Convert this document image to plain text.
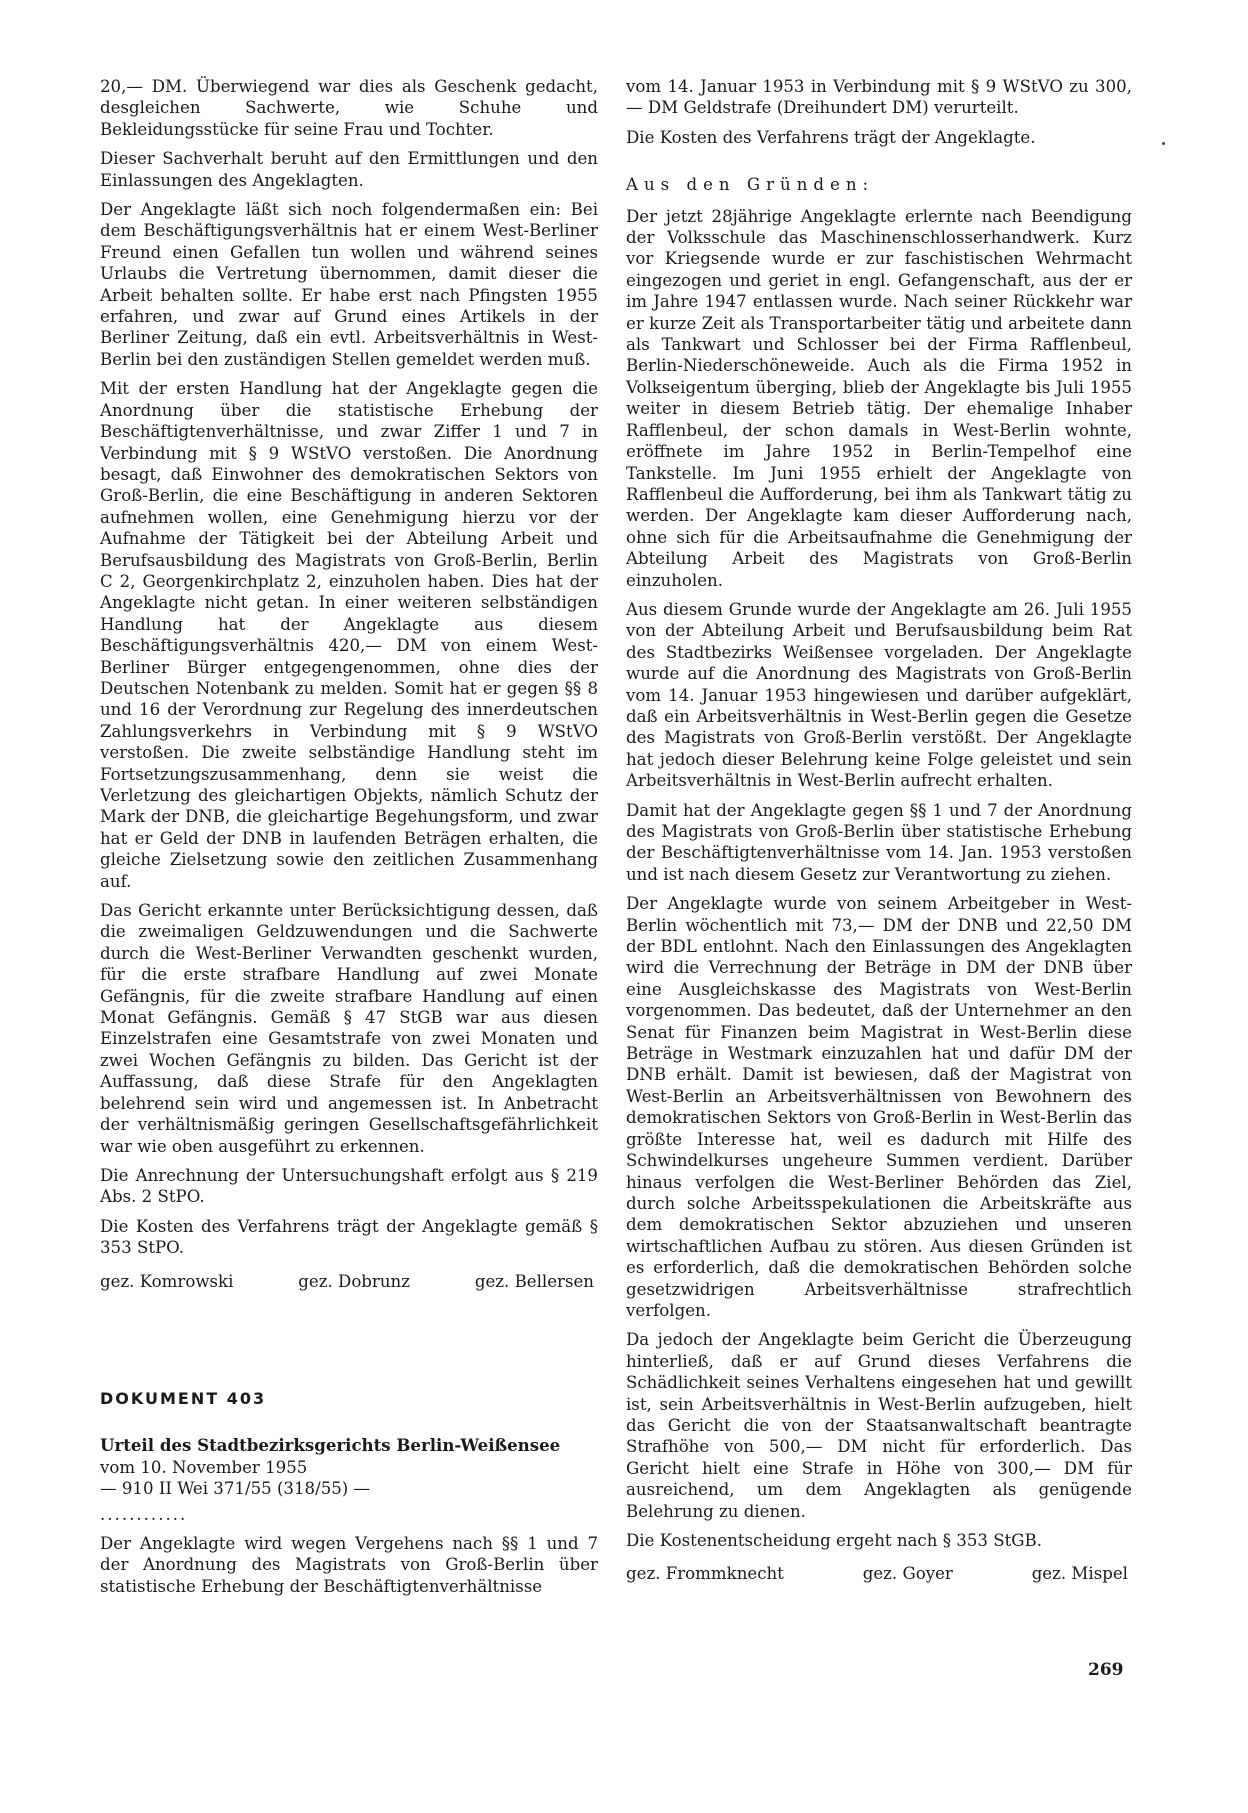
20,— DM. Überwiegend war dies als Geschenk gedacht, desgleichen Sachwerte, wie Schuhe und Bekleidungsstücke für seine Frau und Tochter.

Dieser Sachverhalt beruht auf den Ermittlungen und den Einlassungen des Angeklagten.

Der Angeklagte läßt sich noch folgendermaßen ein: Bei dem Beschäftigungsverhältnis hat er einem West-Berliner Freund einen Gefallen tun wollen und während seines Urlaubs die Vertretung übernommen, damit dieser die Arbeit behalten sollte. Er habe erst nach Pfingsten 1955 erfahren, und zwar auf Grund eines Artikels in der Berliner Zeitung, daß ein evtl. Arbeitsverhältnis in West-Berlin bei den zuständigen Stellen gemeldet werden muß.

Mit der ersten Handlung hat der Angeklagte gegen die Anordnung über die statistische Erhebung der Beschäftigtenverhältnisse, und zwar Ziffer 1 und 7 in Verbindung mit § 9 WStVO verstoßen. Die Anordnung besagt, daß Einwohner des demokratischen Sektors von Groß-Berlin, die eine Beschäftigung in anderen Sektoren aufnehmen wollen, eine Genehmigung hierzu vor der Aufnahme der Tätigkeit bei der Abteilung Arbeit und Berufsausbildung des Magistrats von Groß-Berlin, Berlin C 2, Georgenkirchplatz 2, einzuholen haben. Dies hat der Angeklagte nicht getan. In einer weiteren selbständigen Handlung hat der Angeklagte aus diesem Beschäftigungsverhältnis 420,— DM von einem West-Berliner Bürger entgegengenommen, ohne dies der Deutschen Notenbank zu melden. Somit hat er gegen §§ 8 und 16 der Verordnung zur Regelung des innerdeutschen Zahlungsverkehrs in Verbindung mit § 9 WStVO verstoßen. Die zweite selbständige Handlung steht im Fortsetzungszusammenhang, denn sie weist die Verletzung des gleichartigen Objekts, nämlich Schutz der Mark der DNB, die gleichartige Begehungsform, und zwar hat er Geld der DNB in laufenden Beträgen erhalten, die gleiche Zielsetzung sowie den zeitlichen Zusammenhang auf.

Das Gericht erkannte unter Berücksichtigung dessen, daß die zweimaligen Geldzuwendungen und die Sachwerte durch die West-Berliner Verwandten geschenkt wurden, für die erste strafbare Handlung auf zwei Monate Gefängnis, für die zweite strafbare Handlung auf einen Monat Gefängnis. Gemäß § 47 StGB war aus diesen Einzelstrafen eine Gesamtstrafe von zwei Monaten und zwei Wochen Gefängnis zu bilden. Das Gericht ist der Auffassung, daß diese Strafe für den Angeklagten belehrend sein wird und angemessen ist. In Anbetracht der verhältnismäßig geringen Gesellschaftsgefährlichkeit war wie oben ausgeführt zu erkennen.

Die Anrechnung der Untersuchungshaft erfolgt aus § 219 Abs. 2 StPO.

Die Kosten des Verfahrens trägt der Angeklagte gemäß § 353 StPO.

gez. Komrowski	gez. Dobrunz	gez. Bellersen

DOKUMENT 403

Urteil des Stadtbezirksgerichts Berlin-Weißensee

vom 10. November 1955

— 910 II Wei 371/55 (318/55) —

............

Der Angeklagte wird wegen Vergehens nach §§ 1 und 7 der Anordnung des Magistrats von Groß-Berlin über statistische Erhebung der Beschäftigtenverhältnisse

vom 14. Januar 1953 in Verbindung mit § 9 WStVO zu 300,— DM Geldstrafe (Dreihundert DM) verurteilt.

Die Kosten des Verfahrens trägt der Angeklagte.

Aus den Gründen:

Der jetzt 28jährige Angeklagte erlernte nach Beendigung der Volksschule das Maschinenschlosserhandwerk. Kurz vor Kriegsende wurde er zur faschistischen Wehrmacht eingezogen und geriet in engl. Gefangenschaft, aus der er im Jahre 1947 entlassen wurde. Nach seiner Rückkehr war er kurze Zeit als Transportarbeiter tätig und arbeitete dann als Tankwart und Schlosser bei der Firma Rafflenbeul, Berlin-Niederschöneweide. Auch als die Firma 1952 in Volkseigentum überging, blieb der Angeklagte bis Juli 1955 weiter in diesem Betrieb tätig. Der ehemalige Inhaber Rafflenbeul, der schon damals in West-Berlin wohnte, eröffnete im Jahre 1952 in Berlin-Tempelhof eine Tankstelle. Im Juni 1955 erhielt der Angeklagte von Rafflenbeul die Aufforderung, bei ihm als Tankwart tätig zu werden. Der Angeklagte kam dieser Aufforderung nach, ohne sich für die Arbeitsaufnahme die Genehmigung der Abteilung Arbeit des Magistrats von Groß-Berlin einzuholen.

Aus diesem Grunde wurde der Angeklagte am 26. Juli 1955 von der Abteilung Arbeit und Berufsausbildung beim Rat des Stadtbezirks Weißensee vorgeladen. Der Angeklagte wurde auf die Anordnung des Magistrats von Groß-Berlin vom 14. Januar 1953 hingewiesen und darüber aufgeklärt, daß ein Arbeitsverhältnis in West-Berlin gegen die Gesetze des Magistrats von Groß-Berlin verstößt. Der Angeklagte hat jedoch dieser Belehrung keine Folge geleistet und sein Arbeitsverhältnis in West-Berlin aufrecht erhalten.

Damit hat der Angeklagte gegen §§ 1 und 7 der Anordnung des Magistrats von Groß-Berlin über statistische Erhebung der Beschäftigtenverhältnisse vom 14. Jan. 1953 verstoßen und ist nach diesem Gesetz zur Verantwortung zu ziehen.

Der Angeklagte wurde von seinem Arbeitgeber in West-Berlin wöchentlich mit 73,— DM der DNB und 22,50 DM der BDL entlohnt. Nach den Einlassungen des Angeklagten wird die Verrechnung der Beträge in DM der DNB über eine Ausgleichskasse des Magistrats von West-Berlin vorgenommen. Das bedeutet, daß der Unternehmer an den Senat für Finanzen beim Magistrat in West-Berlin diese Beträge in Westmark einzuzahlen hat und dafür DM der DNB erhält. Damit ist bewiesen, daß der Magistrat von West-Berlin an Arbeitsverhältnissen von Bewohnern des demokratischen Sektors von Groß-Berlin in West-Berlin das größte Interesse hat, weil es dadurch mit Hilfe des Schwindelkurses ungeheure Summen verdient. Darüber hinaus verfolgen die West-Berliner Behörden das Ziel, durch solche Arbeitsspekulationen die Arbeitskräfte aus dem demokratischen Sektor abzuziehen und unseren wirtschaftlichen Aufbau zu stören. Aus diesen Gründen ist es erforderlich, daß die demokratischen Behörden solche gesetzwidrigen Arbeitsverhältnisse strafrechtlich verfolgen.

Da jedoch der Angeklagte beim Gericht die Überzeugung hinterließ, daß er auf Grund dieses Verfahrens die Schädlichkeit seines Verhaltens eingesehen hat und gewillt ist, sein Arbeitsverhältnis in West-Berlin aufzugeben, hielt das Gericht die von der Staatsanwaltschaft beantragte Strafhöhe von 500,— DM nicht für erforderlich. Das Gericht hielt eine Strafe in Höhe von 300,— DM für ausreichend, um dem Angeklagten als genügende Belehrung zu dienen.

Die Kostenentscheidung ergeht nach § 353 StGB.

gez. Frommknecht	gez. Goyer	gez. Mispel
269
